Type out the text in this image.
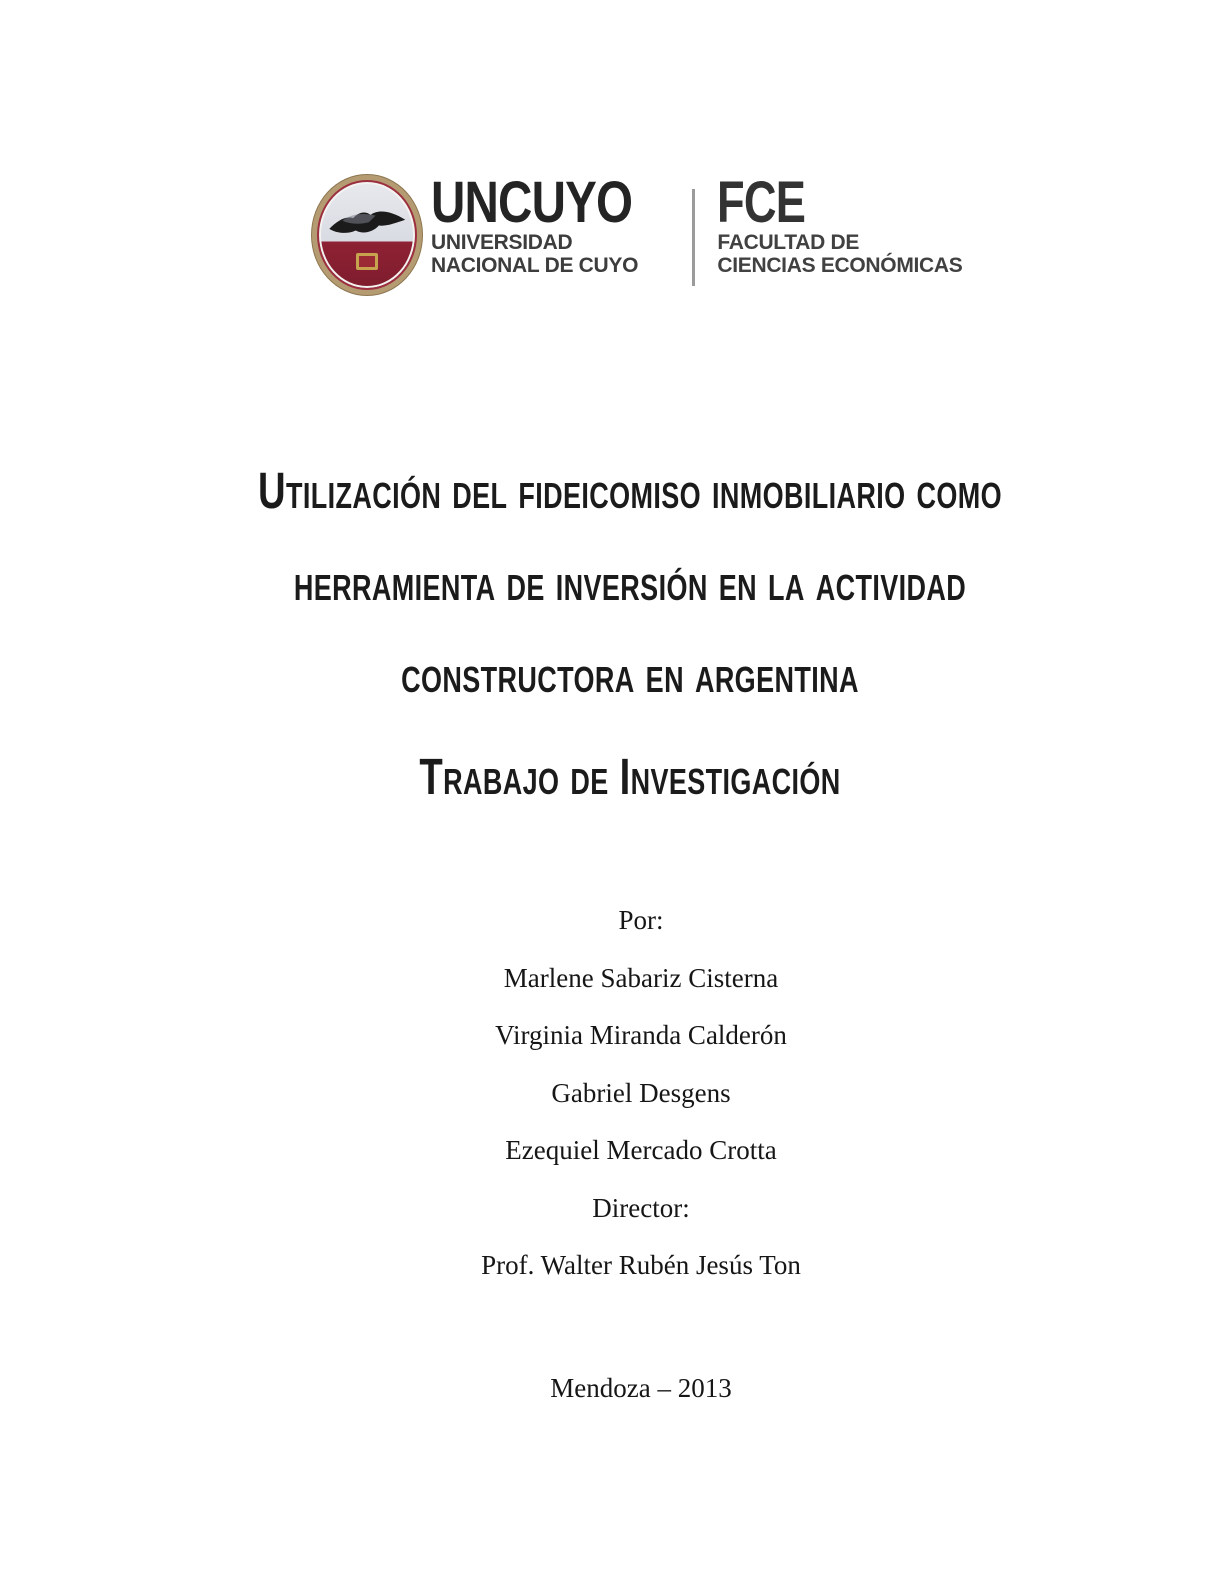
UNCUYO
UNIVERSIDAD
NACIONAL DE CUYO
FCE
FACULTAD DE
CIENCIAS ECONÓMICAS
Utilización del fideicomiso inmobiliario como
herramienta de inversión en la actividad
constructora en argentina
Trabajo de Investigación
Por:
Marlene Sabariz Cisterna
Virginia Miranda Calderón
Gabriel Desgens
Ezequiel Mercado Crotta
Director:
Prof. Walter Rubén Jesús Ton
Mendoza – 2013
